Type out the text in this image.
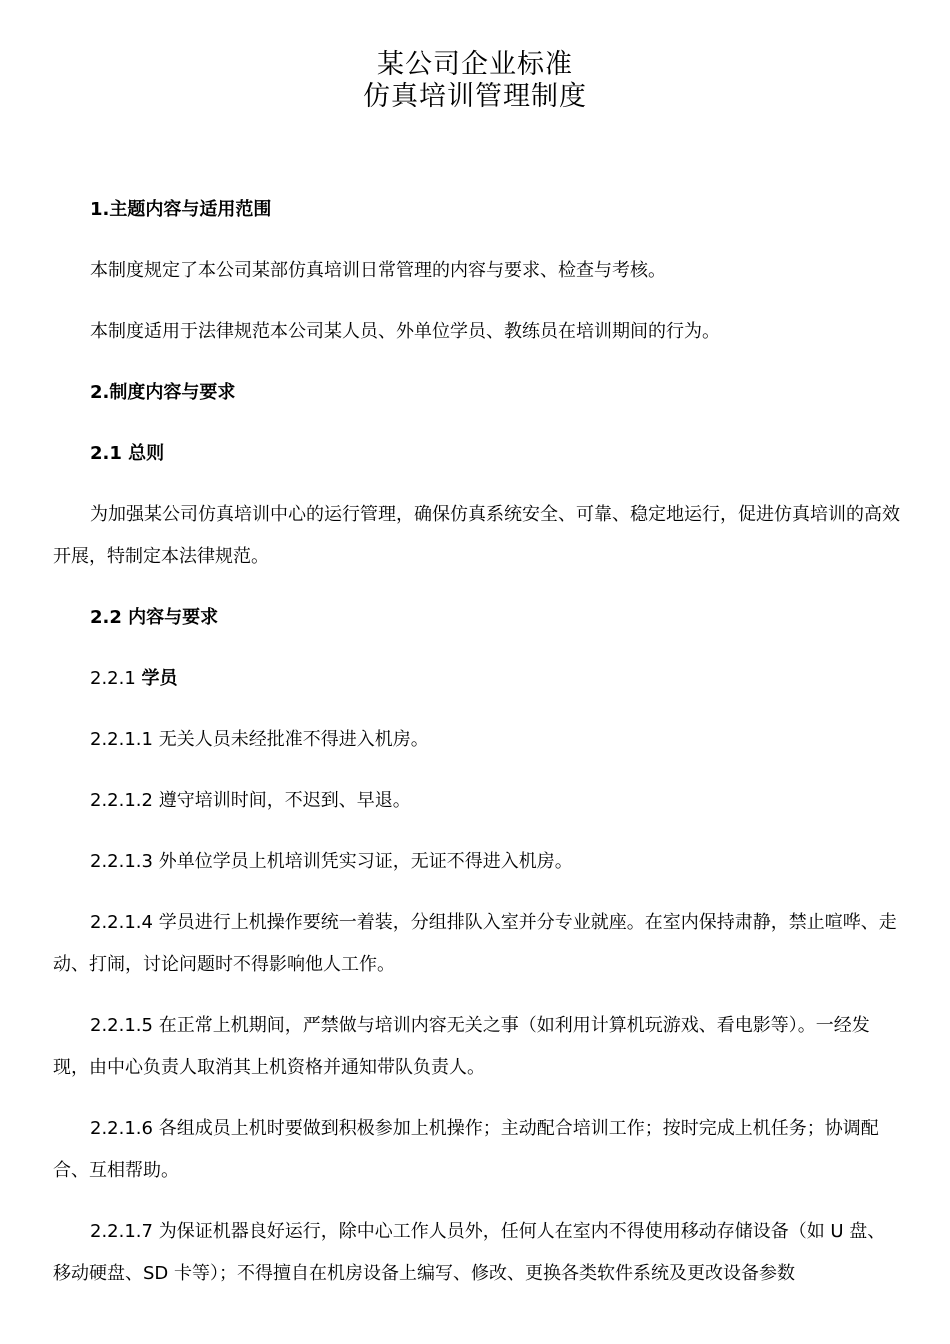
某公司企业标准
仿真培训管理制度

1.主题内容与适用范围

本制度规定了本公司某部仿真培训日常管理的内容与要求、检查与考核。

本制度适用于法律规范本公司某人员、外单位学员、教练员在培训期间的行为。

2.制度内容与要求

2.1 总则

为加强某公司仿真培训中心的运行管理，确保仿真系统安全、可靠、稳定地运行，促进仿真培训的高效开展，特制定本法律规范。

2.2 内容与要求

2.2.1 学员

2.2.1.1 无关人员未经批准不得进入机房。

2.2.1.2 遵守培训时间，不迟到、早退。

2.2.1.3 外单位学员上机培训凭实习证，无证不得进入机房。

2.2.1.4 学员进行上机操作要统一着装，分组排队入室并分专业就座。在室内保持肃静，禁止喧哗、走动、打闹，讨论问题时不得影响他人工作。

2.2.1.5 在正常上机期间，严禁做与培训内容无关之事（如利用计算机玩游戏、看电影等）。一经发现，由中心负责人取消其上机资格并通知带队负责人。

2.2.1.6 各组成员上机时要做到积极参加上机操作；主动配合培训工作；按时完成上机任务；协调配合、互相帮助。

2.2.1.7 为保证机器良好运行，除中心工作人员外，任何人在室内不得使用移动存储设备（如 U 盘、移动硬盘、SD 卡等）；不得擅自在机房设备上编写、修改、更换各类软件系统及更改设备参数
